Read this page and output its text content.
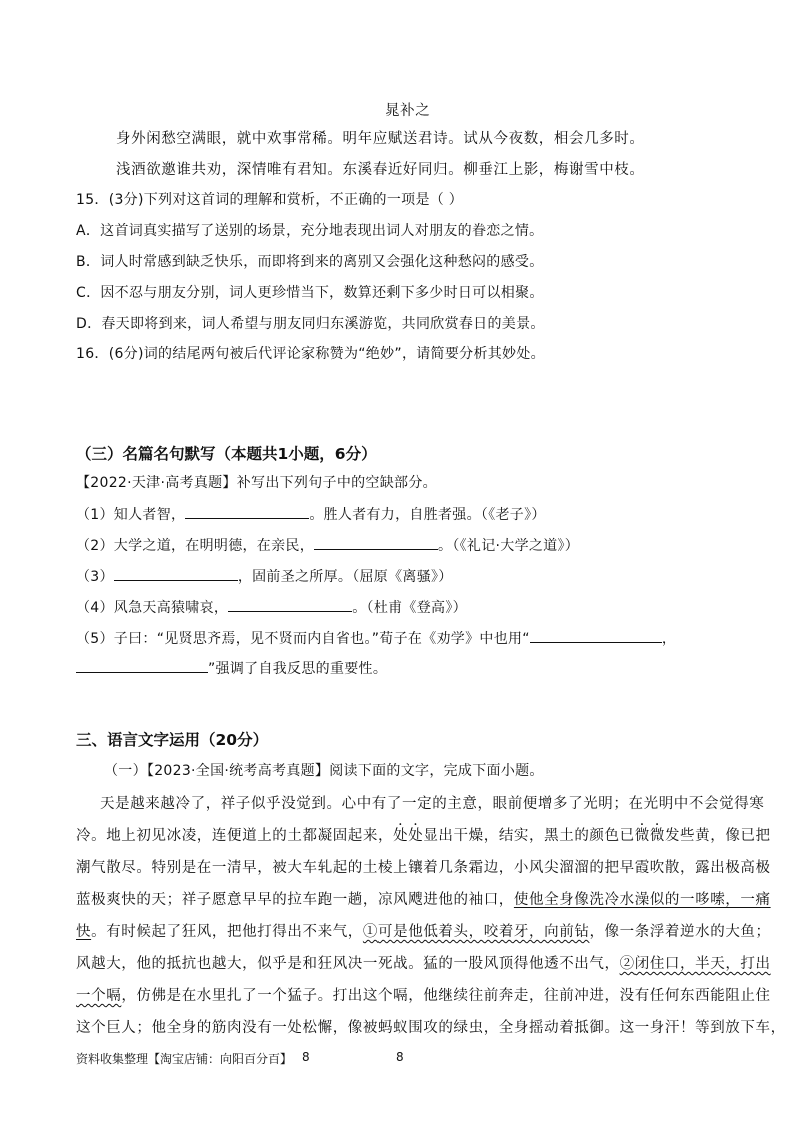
晁补之
身外闲愁空满眼，就中欢事常稀。明年应赋送君诗。试从今夜数，相会几多时。
浅酒欲邀谁共劝，深情唯有君知。东溪春近好同归。柳垂江上影，梅谢雪中枝。
15．(3分)下列对这首词的理解和赏析，不正确的一项是（ ）
A．这首词真实描写了送别的场景，充分地表现出词人对朋友的眷恋之情。
B．词人时常感到缺乏快乐，而即将到来的离别又会强化这种愁闷的感受。
C．因不忍与朋友分别，词人更珍惜当下，数算还剩下多少时日可以相聚。
D．春天即将到来，词人希望与朋友同归东溪游览，共同欣赏春日的美景。
16．(6分)词的结尾两句被后代评论家称赞为“绝妙”，请简要分析其妙处。
（三）名篇名句默写（本题共1小题，6分）
【2022·天津·高考真题】补写出下列句子中的空缺部分。
（1）知人者智，	。胜人者有力，自胜者强。（《老子》）
（2）大学之道，在明明德，在亲民，	。（《礼记·大学之道》）
（3）	，固前圣之所厚。（屈原《离骚》）
（4）风急天高猿啸哀，	。（杜甫《登高》）
（5）子曰：“见贤思齐焉，见不贤而内自省也。”荀子在《劝学》中也用“	，
”强调了自我反思的重要性。
三、语言文字运用（20分）
（一）【2023·全国·统考高考真题】阅读下面的文字，完成下面小题。
天是越来越冷了，祥子似乎没觉到。心中有了一定的主意，眼前便增多了光明；在光明中不会觉得寒
冷。地上初见冰凌，连便道上的土都凝固起来，处处显出干燥，结实，黑土的颜色已微微发些黄，像已把
潮气散尽。特别是在一清早，被大车轧起的土棱上镶着几条霜边，小风尖溜溜的把早霞吹散，露出极高极
蓝极爽快的天；祥子愿意早早的拉车跑一趟，凉风飕进他的袖口，使他全身像洗冷水澡似的一哆嗦，一痛
快。有时候起了狂风，把他打得出不来气，①可是他低着头，咬着牙，向前钻，像一条浮着逆水的大鱼；
风越大，他的抵抗也越大，似乎是和狂风决一死战。猛的一股风顶得他透不出气，②闭住口，半天，打出
一个嗝，仿佛是在水里扎了一个猛子。打出这个嗝，他继续往前奔走，往前冲进，没有任何东西能阻止住
这个巨人；他全身的筋肉没有一处松懈，像被蚂蚁围攻的绿虫，全身摇动着抵御。这一身汗！等到放下车，
资料收集整理【淘宝店铺：向阳百分百】 8	8
